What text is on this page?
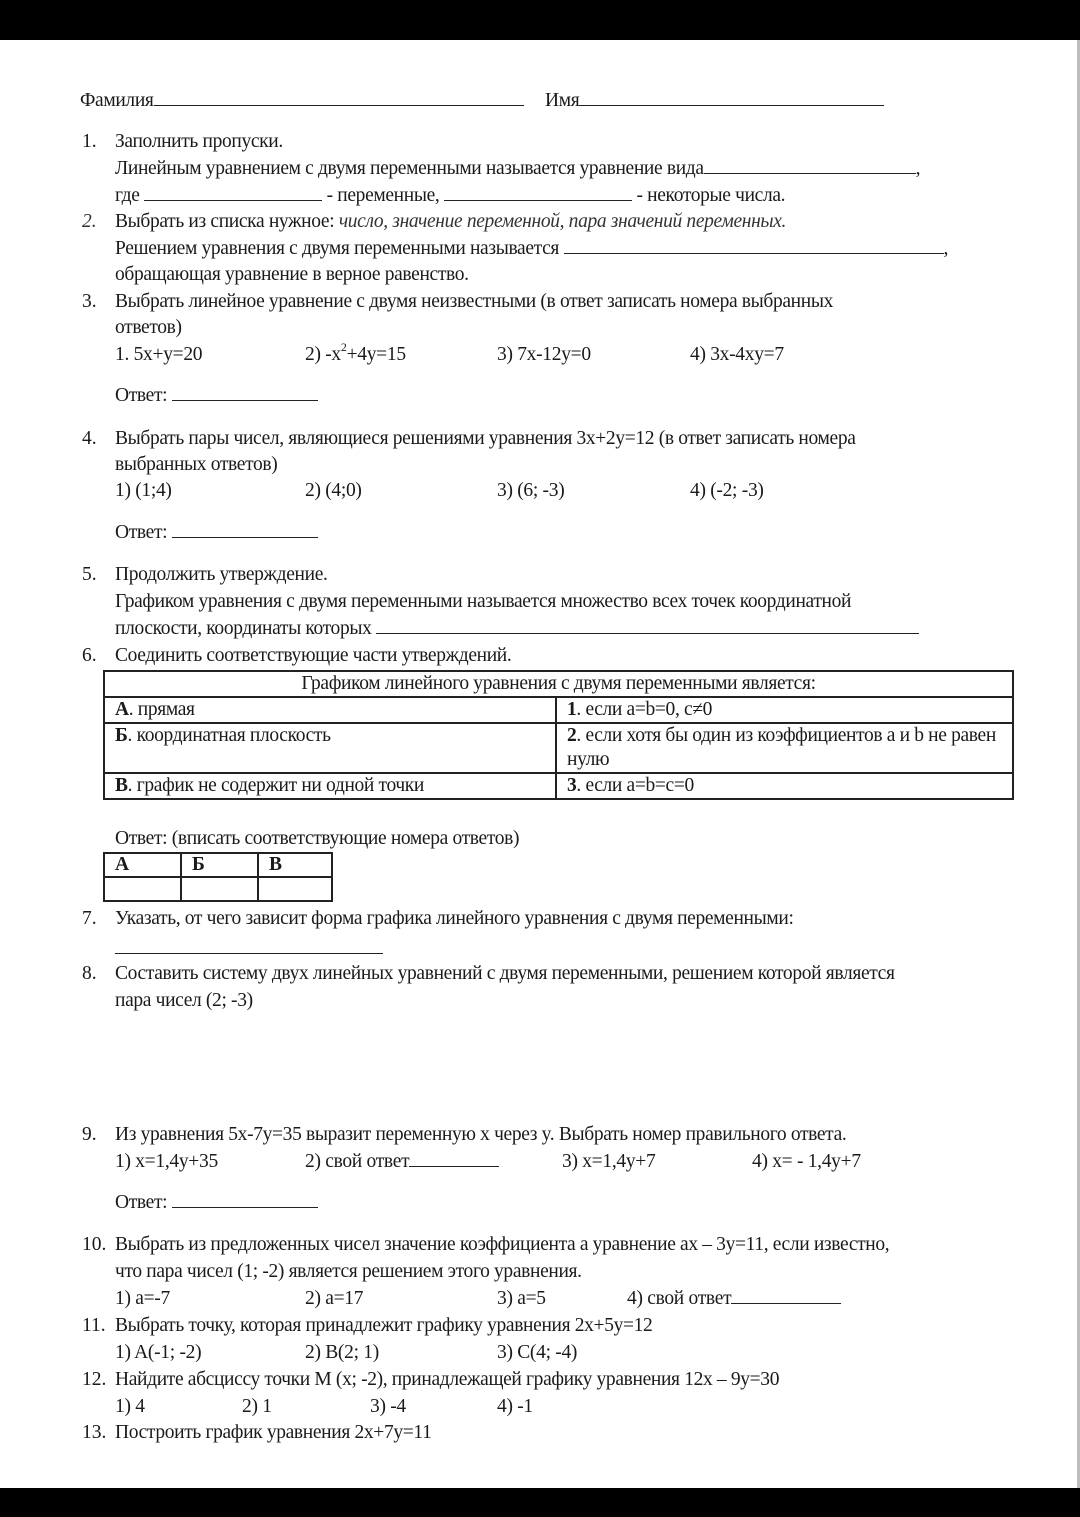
Фамилия	Имя
1. Заполнить пропуски.
Линейным уравнением с двумя переменными называется уравнение вида	,
где	- переменные,	- некоторые числа.
2. Выбрать из списка нужное: число, значение переменной, пара значений переменных.
Решением уравнения с двумя переменными называется	,
обращающая уравнение в верное равенство.
3. Выбрать линейное уравнение с двумя неизвестными (в ответ записать номера выбранных
ответов)
1. 5x+y=20	2) $-x^2+4y=15$	3) 7x-12y=0	4) 3x-4xy=7
Ответ:
4. Выбрать пары чисел, являющиеся решениями уравнения 3x+2y=12 (в ответ записать номера
выбранных ответов)
1) (1;4)	2) (4;0)	3) (6; -3)	4) (-2; -3)
Ответ:
5. Продолжить утверждение.
Графиком уравнения с двумя переменными называется множество всех точек координатной
плоскости, координаты которых
6. Соединить соответствующие части утверждений.
Графиком линейного уравнения с двумя переменными является:	
А. прямая	1. если a=b=0, c≠0
Б. координатная плоскость	2. если хотя бы один из коэффициентов a и b не равен нулю
В. график не содержит ни одной точки	3. если a=b=c=0
Ответ: (вписать соответствующие номера ответов)
А	Б	В

7. Указать, от чего зависит форма графика линейного уравнения с двумя переменными:
8. Составить систему двух линейных уравнений с двумя переменными, решением которой является
пара чисел (2; -3)
9. Из уравнения 5x-7y=35 выразит переменную x через y. Выбрать номер правильного ответа.
1) x=1,4y+35	2) свой ответ	3) x=1,4y+7	4) x= - 1,4y+7
Ответ:
10. Выбрать из предложенных чисел значение коэффициента a уравнение ax – 3y=11, если известно,
что пара чисел (1; -2) является решением этого уравнения.
1) a=-7	2) a=17	3) a=5	4) свой ответ
11. Выбрать точку, которая принадлежит графику уравнения 2x+5y=12
1) A(-1; -2)	2) B(2; 1)	3) C(4; -4)
12. Найдите абсциссу точки M (x; -2), принадлежащей графику уравнения 12x – 9y=30
1) 4	2) 1	3) -4	4) -1
13. Построить график уравнения 2x+7y=11
